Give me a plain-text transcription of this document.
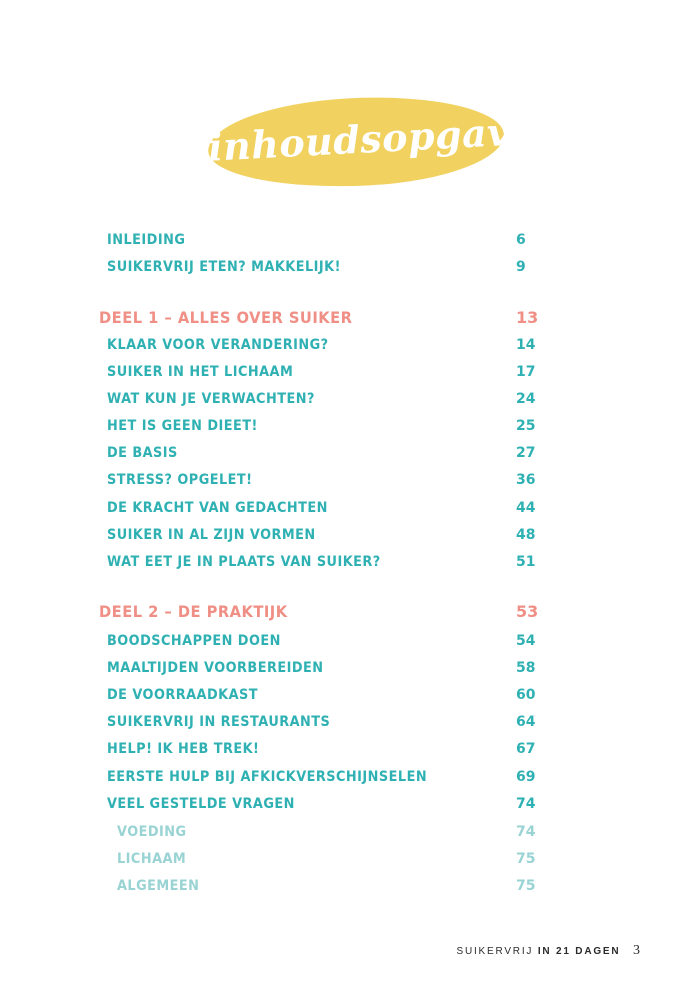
inhoudsopgave
INLEIDING	6
SUIKERVRIJ ETEN? MAKKELIJK!	9
DEEL 1 – ALLES OVER SUIKER	13
KLAAR VOOR VERANDERING?	14
SUIKER IN HET LICHAAM	17
WAT KUN JE VERWACHTEN?	24
HET IS GEEN DIEET!	25
DE BASIS	27
STRESS? OPGELET!	36
DE KRACHT VAN GEDACHTEN	44
SUIKER IN AL ZIJN VORMEN	48
WAT EET JE IN PLAATS VAN SUIKER?	51
DEEL 2 – DE PRAKTIJK	53
BOODSCHAPPEN DOEN	54
MAALTIJDEN VOORBEREIDEN	58
DE VOORRAADKAST	60
SUIKERVRIJ IN RESTAURANTS	64
HELP! IK HEB TREK!	67
EERSTE HULP BIJ AFKICKVERSCHIJNSELEN	69
VEEL GESTELDE VRAGEN	74
VOEDING	74
LICHAAM	75
ALGEMEEN	75
SUIKERVRIJ IN 21 DAGEN 3
